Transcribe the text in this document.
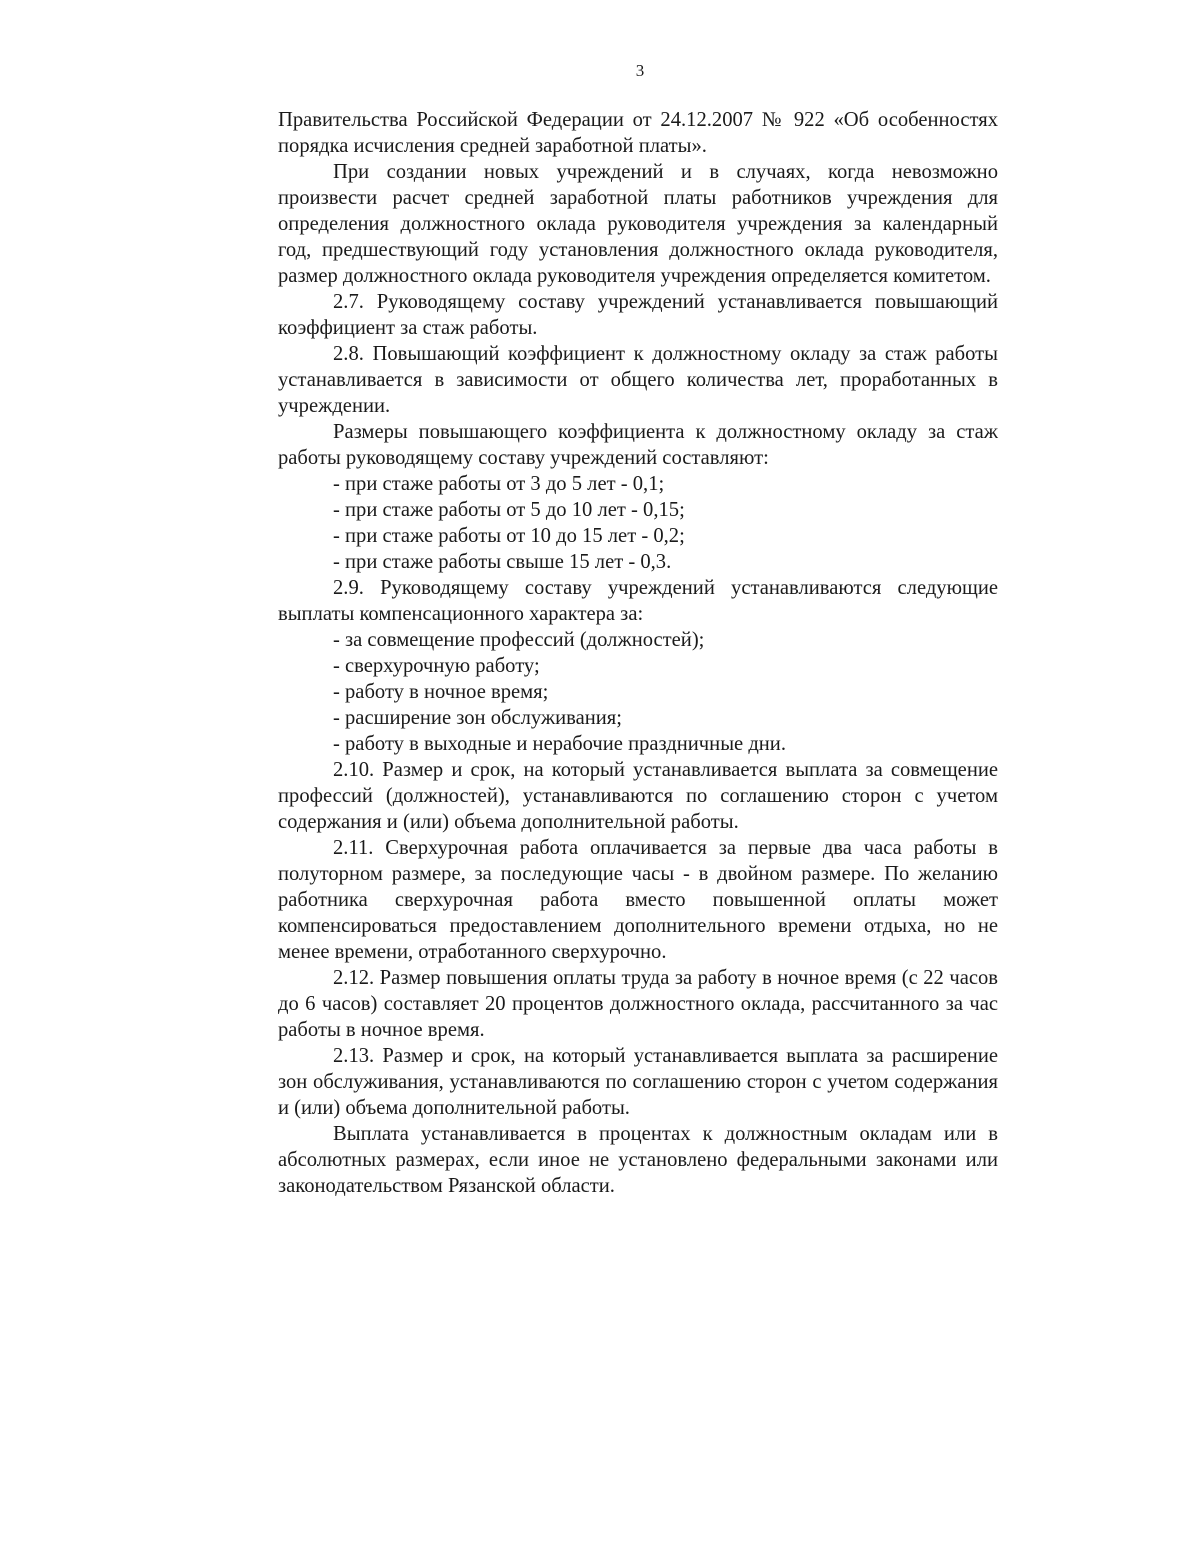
3

Правительства Российской Федерации от 24.12.2007 № 922 «Об особенностях порядка исчисления средней заработной платы».

При создании новых учреждений и в случаях, когда невозможно произвести расчет средней заработной платы работников учреждения для определения должностного оклада руководителя учреждения за календарный год, предшествующий году установления должностного оклада руководителя, размер должностного оклада руководителя учреждения определяется комитетом.

2.7. Руководящему составу учреждений устанавливается повышающий коэффициент за стаж работы.

2.8. Повышающий коэффициент к должностному окладу за стаж работы устанавливается в зависимости от общего количества лет, проработанных в учреждении.

Размеры повышающего коэффициента к должностному окладу за стаж работы руководящему составу учреждений составляют:

- при стаже работы от 3 до 5 лет - 0,1;

- при стаже работы от 5 до 10 лет - 0,15;

- при стаже работы от 10 до 15 лет - 0,2;

- при стаже работы свыше 15 лет - 0,3.

2.9. Руководящему составу учреждений устанавливаются следующие выплаты компенсационного характера за:

- за совмещение профессий (должностей);

- сверхурочную работу;

- работу в ночное время;

- расширение зон обслуживания;

- работу в выходные и нерабочие праздничные дни.

2.10. Размер и срок, на который устанавливается выплата за совмещение профессий (должностей), устанавливаются по соглашению сторон с учетом содержания и (или) объема дополнительной работы.

2.11. Сверхурочная работа оплачивается за первые два часа работы в полуторном размере, за последующие часы - в двойном размере. По желанию работника сверхурочная работа вместо повышенной оплаты может компенсироваться предоставлением дополнительного времени отдыха, но не менее времени, отработанного сверхурочно.

2.12. Размер повышения оплаты труда за работу в ночное время (с 22 часов до 6 часов) составляет 20 процентов должностного оклада, рассчитанного за час работы в ночное время.

2.13. Размер и срок, на который устанавливается выплата за расширение зон обслуживания, устанавливаются по соглашению сторон с учетом содержания и (или) объема дополнительной работы.

Выплата устанавливается в процентах к должностным окладам или в абсолютных размерах, если иное не установлено федеральными законами или законодательством Рязанской области.
